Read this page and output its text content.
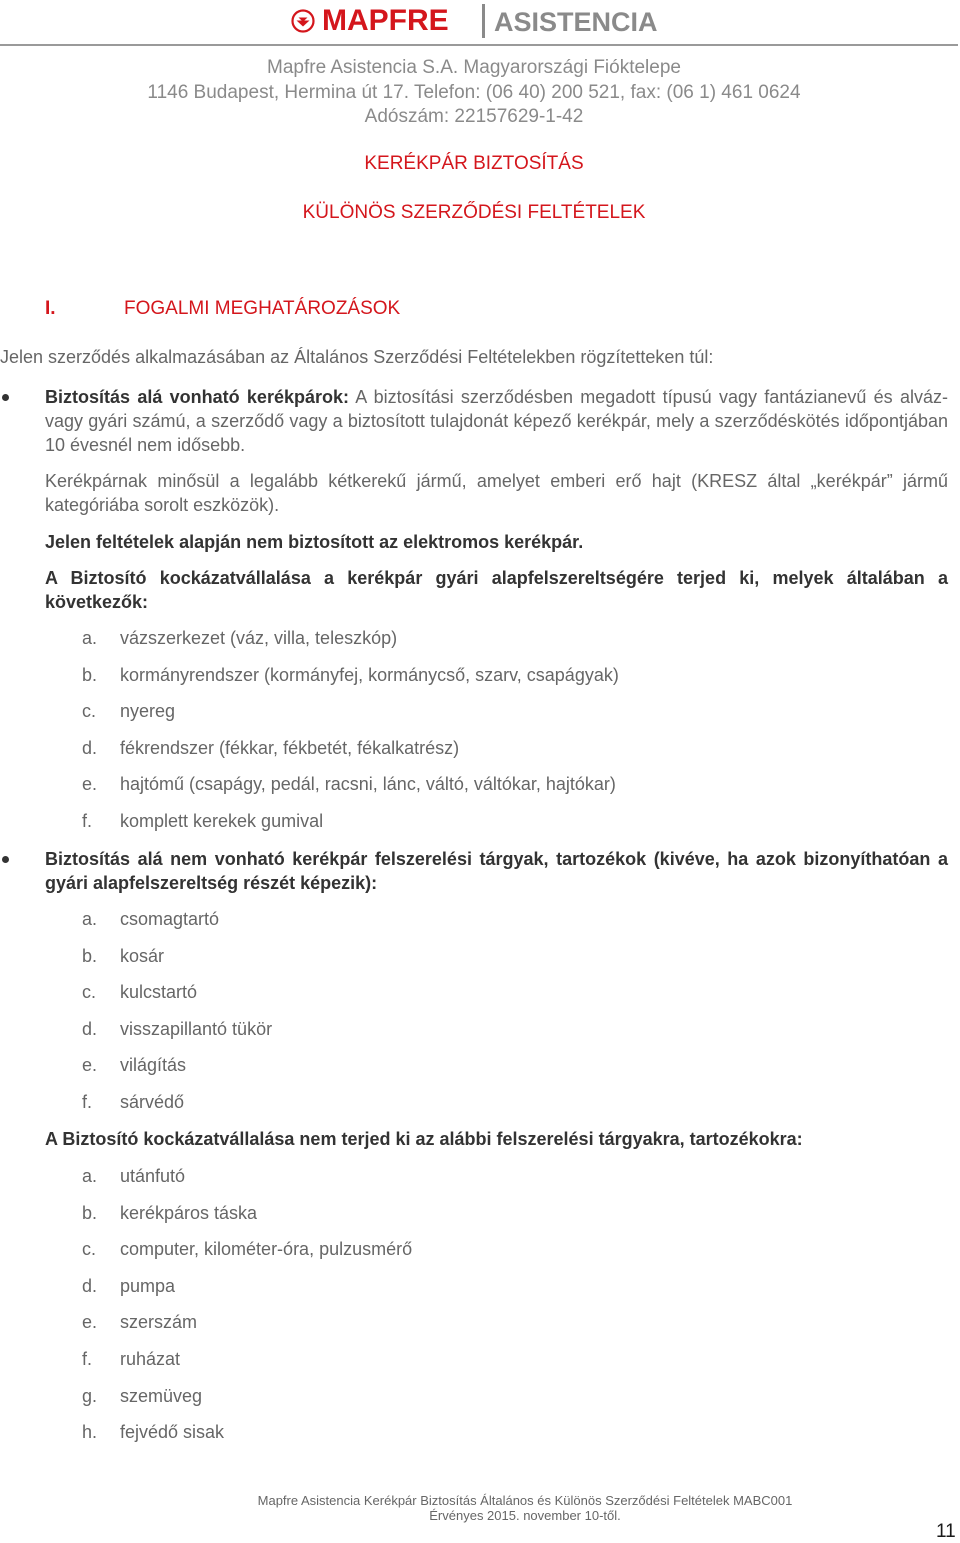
MAPFRE ASISTENCIA
Mapfre Asistencia S.A. Magyarországi Fióktelepe
1146 Budapest, Hermina út 17. Telefon: (06 40) 200 521, fax: (06 1) 461 0624
Adószám: 22157629-1-42
KERÉKPÁR BIZTOSÍTÁS
KÜLÖNÖS SZERZŐDÉSI FELTÉTELEK
I.	FOGALMI MEGHATÁROZÁSOK
Jelen szerződés alkalmazásában az Általános Szerződési Feltételekben rögzítetteken túl:
Biztosítás alá vonható kerékpárok: A biztosítási szerződésben megadott típusú vagy fantázianevű és alváz- vagy gyári számú, a szerződő vagy a biztosított tulajdonát képező kerékpár, mely a szerződéskötés időpontjában 10 évesnél nem idősebb.
Kerékpárnak minősül a legalább kétkerekű jármű, amelyet emberi erő hajt (KRESZ által „kerékpár” jármű kategóriába sorolt eszközök).
Jelen feltételek alapján nem biztosított az elektromos kerékpár.
A Biztosító kockázatvállalása a kerékpár gyári alapfelszereltségére terjed ki, melyek általában a következők:
a. vázszerkezet (váz, villa, teleszkóp)
b. kormányrendszer (kormányfej, kormánycső, szarv, csapágyak)
c. nyereg
d. fékrendszer (fékkar, fékbetét, fékalkatrész)
e. hajtómű (csapágy, pedál, racsni, lánc, váltó, váltókar, hajtókar)
f. komplett kerekek gumival
Biztosítás alá nem vonható kerékpár felszerelési tárgyak, tartozékok (kivéve, ha azok bizonyíthatóan a gyári alapfelszereltség részét képezik):
a. csomagtartó
b. kosár
c. kulcstartó
d. visszapillantó tükör
e. világítás
f. sárvédő
A Biztosító kockázatvállalása nem terjed ki az alábbi felszerelési tárgyakra, tartozékokra:
a. utánfutó
b. kerékpáros táska
c. computer, kilométer-óra, pulzusmérő
d. pumpa
e. szerszám
f. ruházat
g. szemüveg
h. fejvédő sisak
Mapfre Asistencia Kerékpár Biztosítás Általános és Különös Szerződési Feltételek MABC001
Érvényes 2015. november 10-től.
11
